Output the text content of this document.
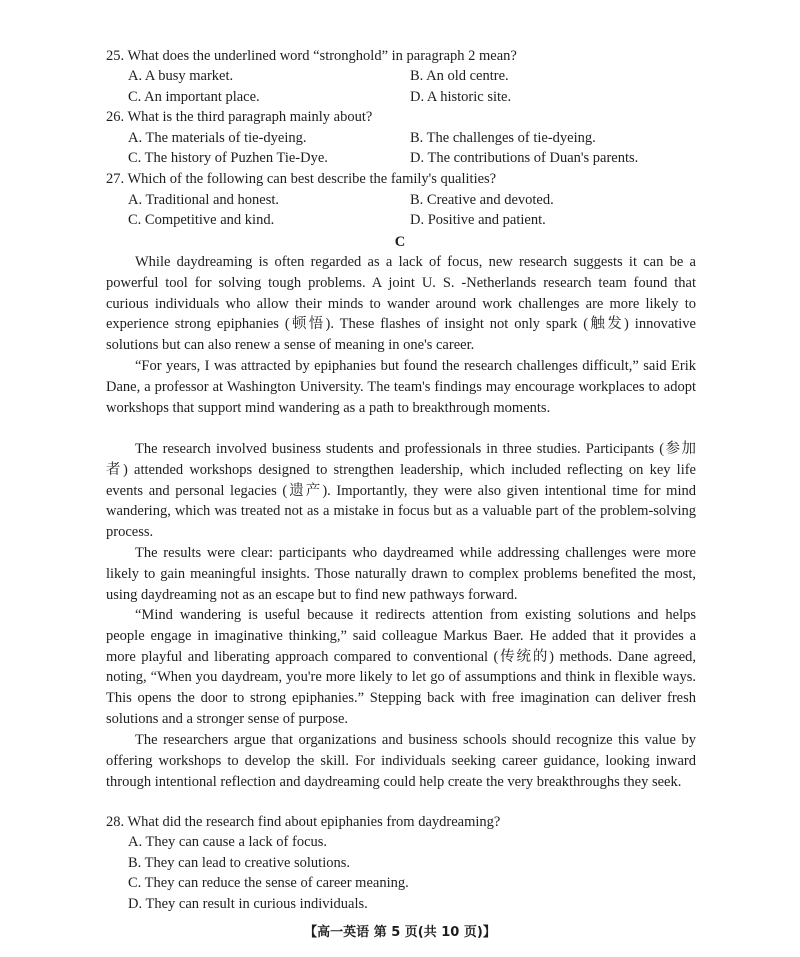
25. What does the underlined word “stronghold” in paragraph 2 mean?
A. A busy market.	B. An old centre.
C. An important place.	D. A historic site.
26. What is the third paragraph mainly about?
A. The materials of tie-dyeing.	B. The challenges of tie-dyeing.
C. The history of Puzhen Tie-Dye.	D. The contributions of Duan's parents.
27. Which of the following can best describe the family's qualities?
A. Traditional and honest.	B. Creative and devoted.
C. Competitive and kind.	D. Positive and patient.
C

While daydreaming is often regarded as a lack of focus, new research suggests it can be a powerful tool for solving tough problems. A joint U. S. -Netherlands research team found that curious individuals who allow their minds to wander around work challenges are more likely to experience strong epiphanies (顿悟). These flashes of insight not only spark (触发) innovative solutions but can also renew a sense of meaning in one's career.

“For years, I was attracted by epiphanies but found the research challenges difficult,” said Erik Dane, a professor at Washington University. The team's findings may encourage workplaces to adopt workshops that support mind wandering as a path to breakthrough moments.

The research involved business students and professionals in three studies. Participants (参加者) attended workshops designed to strengthen leadership, which included reflecting on key life events and personal legacies (遗产). Importantly, they were also given intentional time for mind wandering, which was treated not as a mistake in focus but as a valuable part of the problem-solving process.

The results were clear: participants who daydreamed while addressing challenges were more likely to gain meaningful insights. Those naturally drawn to complex problems benefited the most, using daydreaming not as an escape but to find new pathways forward.

“Mind wandering is useful because it redirects attention from existing solutions and helps people engage in imaginative thinking,” said colleague Markus Baer. He added that it provides a more playful and liberating approach compared to conventional (传统的) methods. Dane agreed, noting, “When you daydream, you're more likely to let go of assumptions and think in flexible ways. This opens the door to strong epiphanies.” Stepping back with free imagination can deliver fresh solutions and a stronger sense of purpose.

The researchers argue that organizations and business schools should recognize this value by offering workshops to develop the skill. For individuals seeking career guidance, looking inward through intentional reflection and daydreaming could help create the very breakthroughs they seek.

28. What did the research find about epiphanies from daydreaming?
A. They can cause a lack of focus.
B. They can lead to creative solutions.
C. They can reduce the sense of career meaning.
D. They can result in curious individuals.
【高一英语 第 5 页(共 10 页)】
